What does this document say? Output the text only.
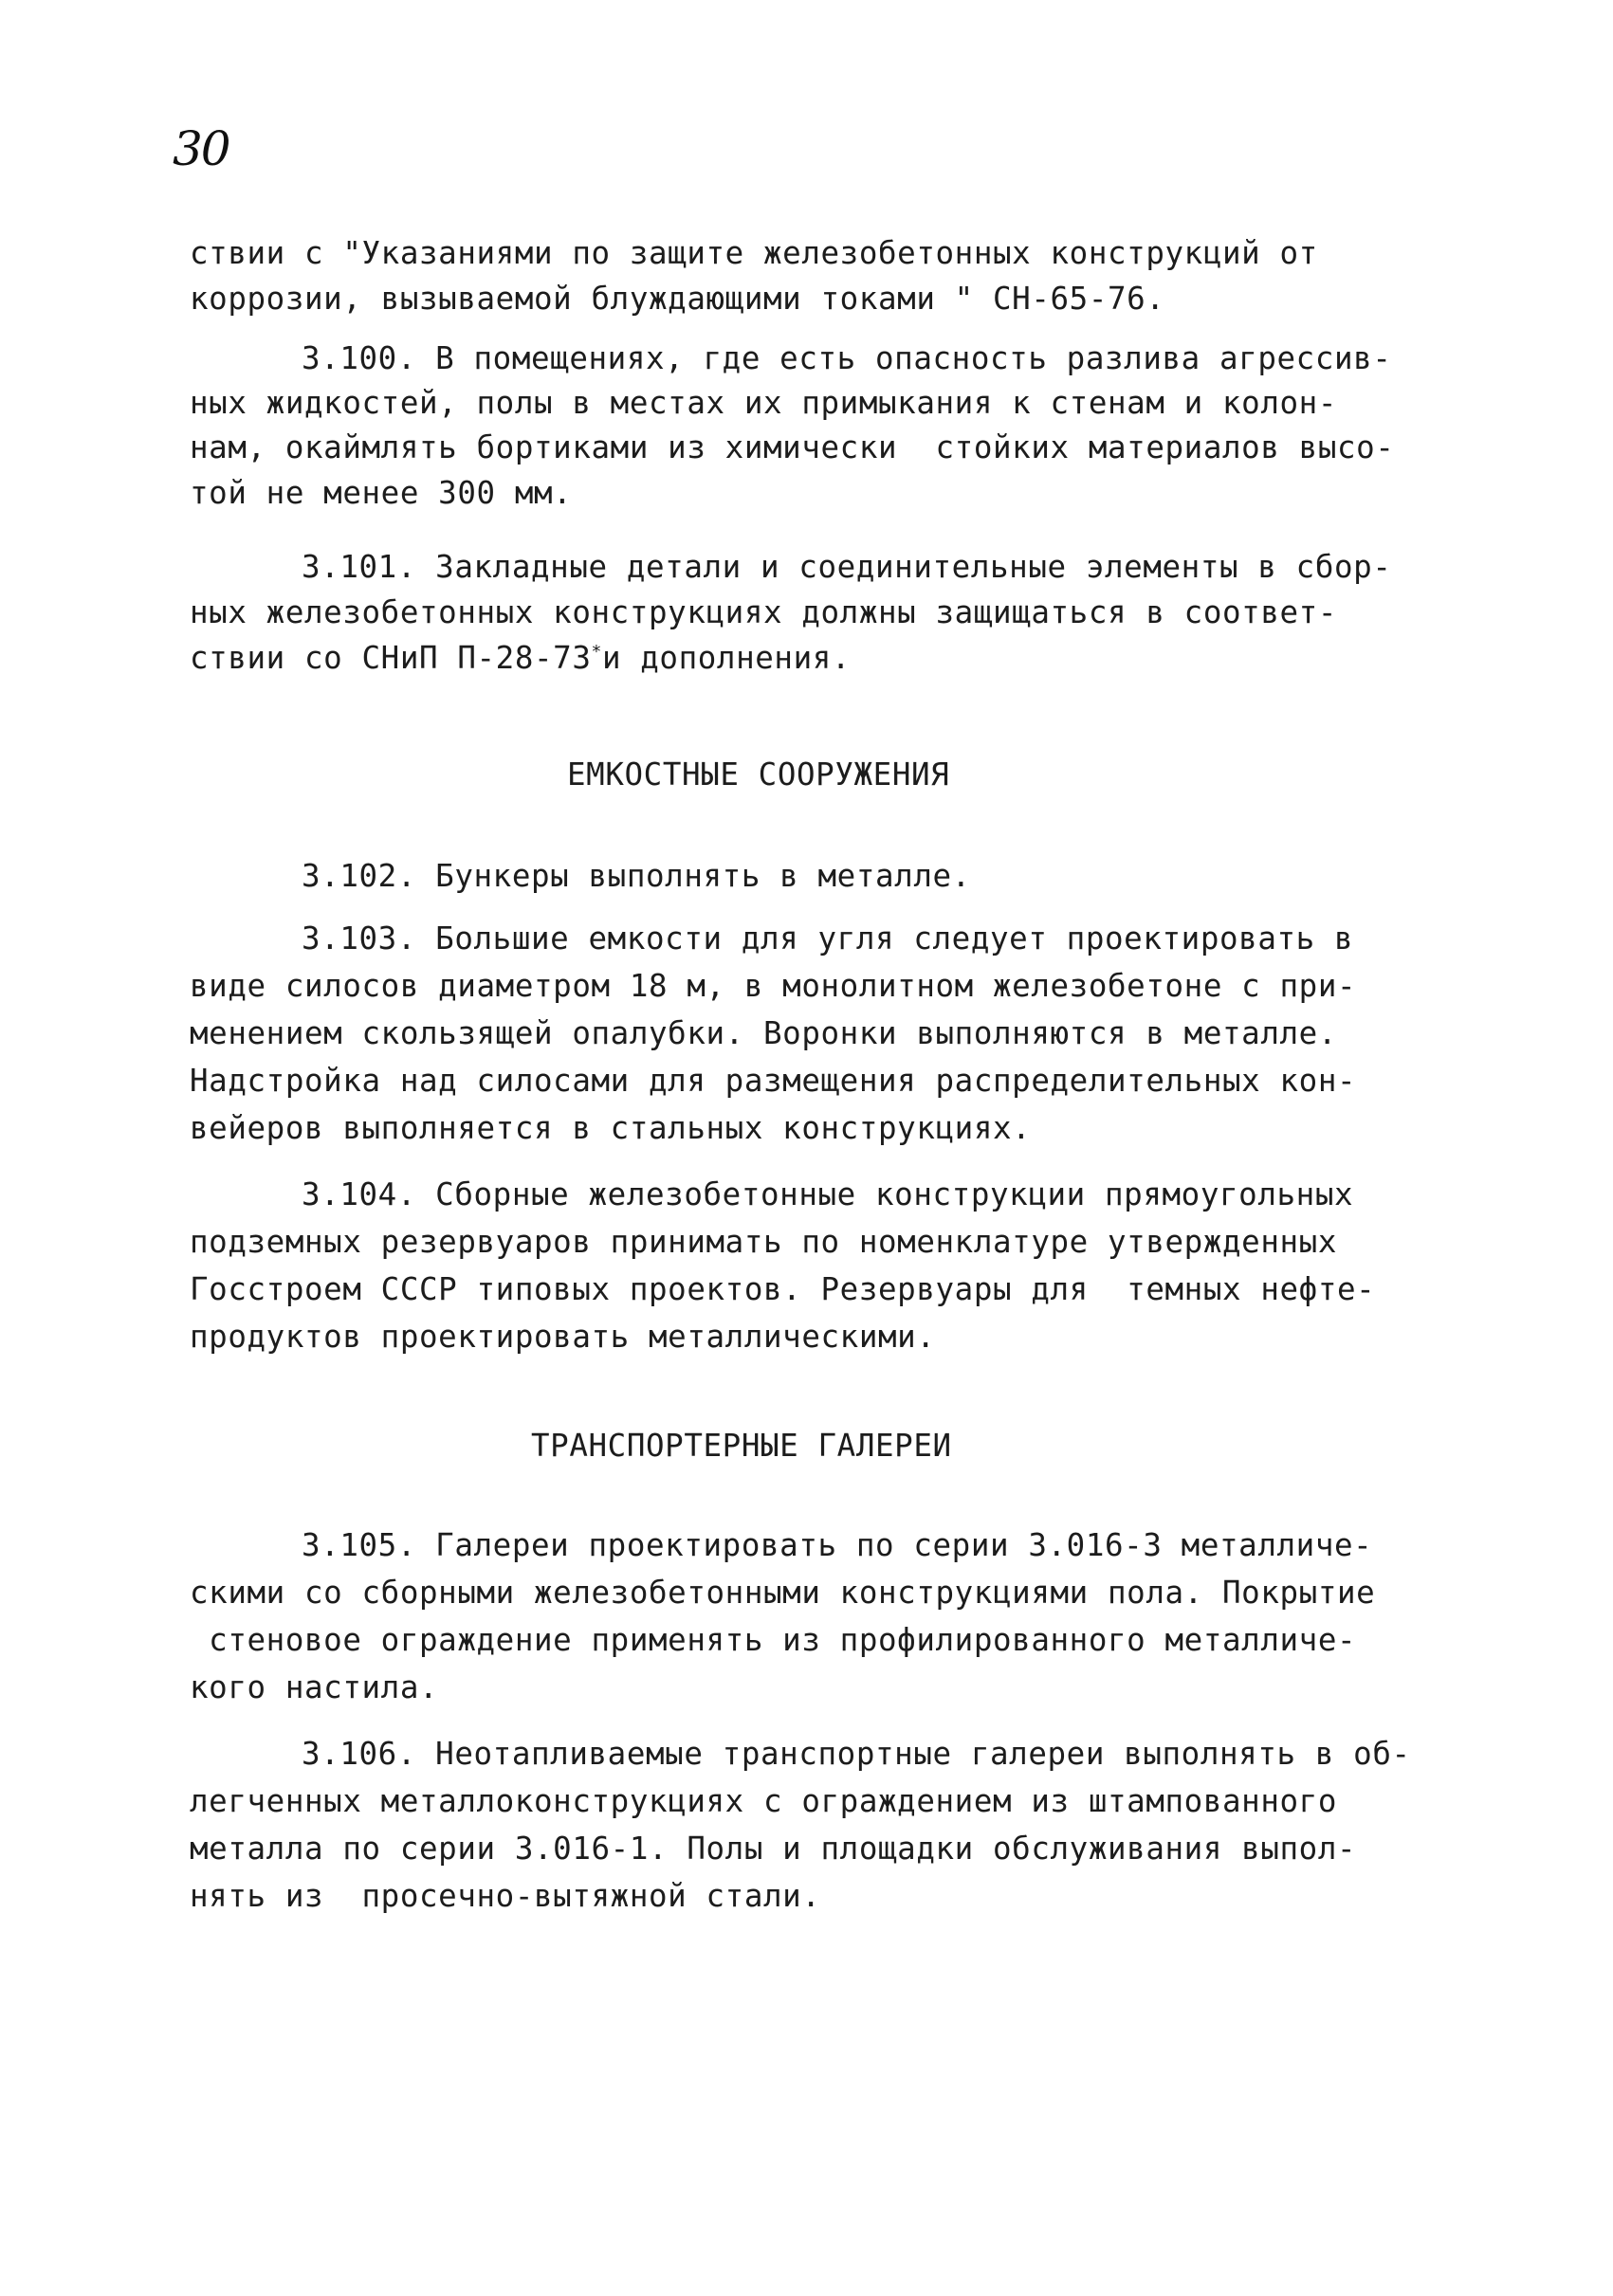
30
ствии с "Указаниями по защите железобетонных конструкций от
коррозии, вызываемой блуждающими токами " СН-65-76.
3.100. В помещениях, где есть опасность разлива агрессив-
ных жидкостей, полы в местах их примыкания к стенам и колон-
нам, окаймлять бортиками из химически  стойких материалов высо-
той не менее 300 мм.
3.101. Закладные детали и соединительные элементы в сбор-
ных железобетонных конструкциях должны защищаться в соответ-
ствии со СНиП П-28-73*и дополнения.
ЕМКОСТНЫЕ СООРУЖЕНИЯ
3.102. Бункеры выполнять в металле.
3.103. Большие емкости для угля следует проектировать в
виде силосов диаметром 18 м, в монолитном железобетоне с при-
менением скользящей опалубки. Воронки выполняются в металле.
Надстройка над силосами для размещения распределительных кон-
вейеров выполняется в стальных конструкциях.
3.104. Сборные железобетонные конструкции прямоугольных
подземных резервуаров принимать по номенклатуре утвержденных
Госстроем СССР типовых проектов. Резервуары для  темных нефте-
продуктов проектировать металлическими.
ТРАНСПОРТЕРНЫЕ ГАЛЕРЕИ
3.105. Галереи проектировать по серии 3.016-3 металличе-
скими со сборными железобетонными конструкциями пола. Покрытие
стеновое ограждение применять из профилированного металличе-
кого настила.
3.106. Неотапливаемые транспортные галереи выполнять в об-
легченных металлоконструкциях с ограждением из штампованного
металла по серии 3.016-1. Полы и площадки обслуживания выпол-
нять из  просечно-вытяжной стали.
